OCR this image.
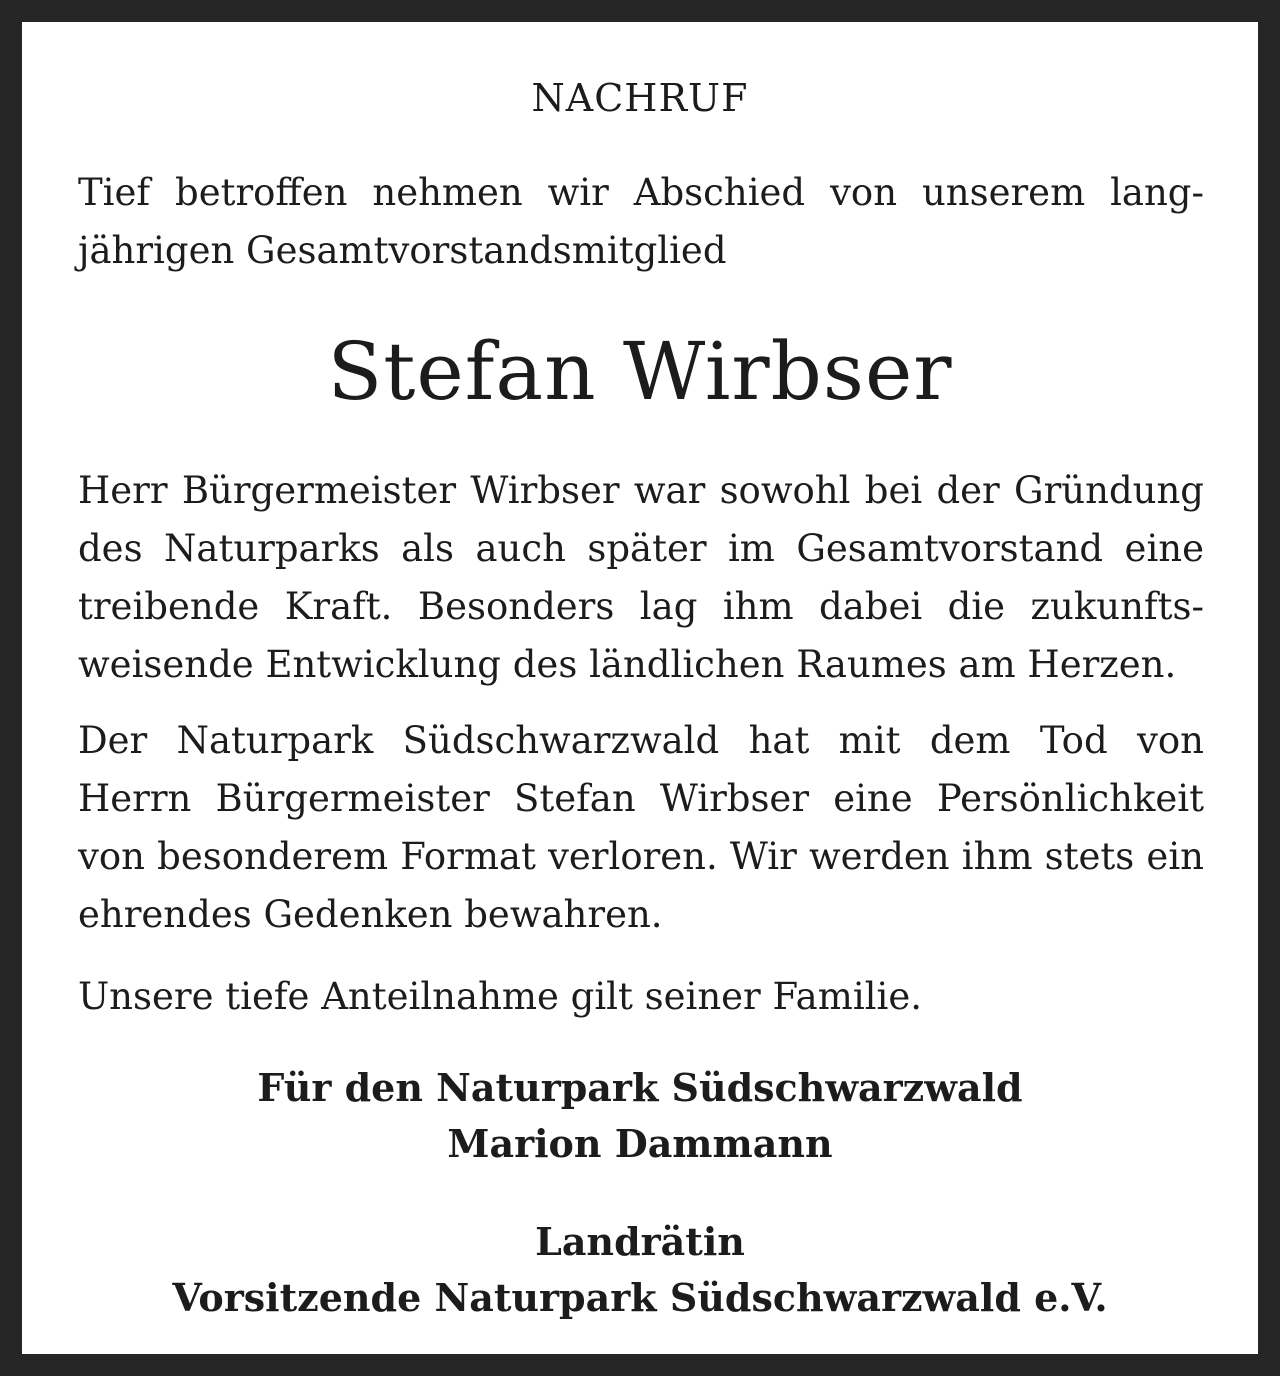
NACHRUF
Tief betroffen nehmen wir Abschied von unserem langjährigen Gesamtvorstandsmitglied
Stefan Wirbser
Herr Bürgermeister Wirbser war sowohl bei der Gründung des Naturparks als auch später im Gesamtvorstand eine treibende Kraft. Besonders lag ihm dabei die zukunftsweisende Entwicklung des ländlichen Raumes am Herzen.
Der Naturpark Südschwarzwald hat mit dem Tod von Herrn Bürgermeister Stefan Wirbser eine Persönlichkeit von besonderem Format verloren. Wir werden ihm stets ein ehrendes Gedenken bewahren.
Unsere tiefe Anteilnahme gilt seiner Familie.
Für den Naturpark Südschwarzwald
Marion Dammann
Landrätin
Vorsitzende Naturpark Südschwarzwald e.V.
